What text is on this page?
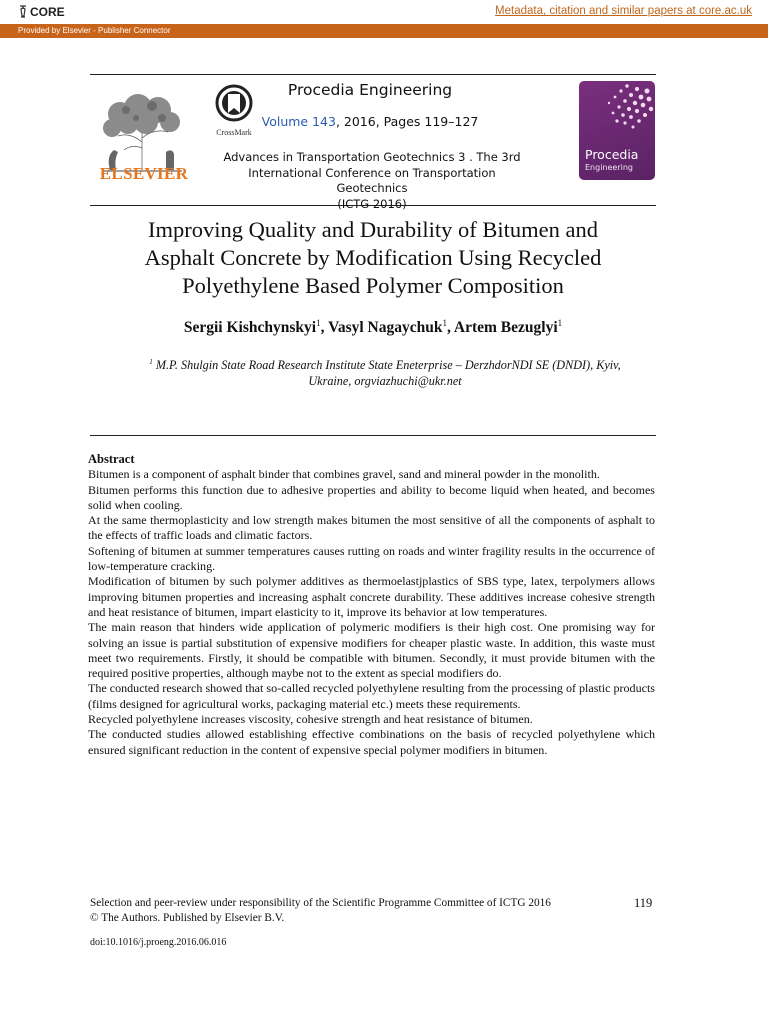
CORE	Metadata, citation and similar papers at core.ac.uk
Provided by Elsevier - Publisher Connector
ELSEVIER
CrossMark
Procedia Engineering
Volume 143, 2016, Pages 119–127
Advances in Transportation Geotechnics 3 . The 3rd
International Conference on Transportation Geotechnics
(ICTG 2016)
Procedia
Engineering
Improving Quality and Durability of Bitumen and
Asphalt Concrete by Modification Using Recycled
Polyethylene Based Polymer Composition
Sergii Kishchynskyi$^1$, Vasyl Nagaychuk$^1$, Artem Bezuglyi$^1$
$^1$ M.P. Shulgin State Road Research Institute State Eneterprise – DerzhdorNDI SE (DNDI), Kyiv,
Ukraine, orgviazhuchi@ukr.net
Abstract

Bitumen is a component of asphalt binder that combines gravel, sand and mineral powder in the monolith.

Bitumen performs this function due to adhesive properties and ability to become liquid when heated, and becomes solid when cooling.

At the same thermoplasticity and low strength makes bitumen the most sensitive of all the components of asphalt to the effects of traffic loads and climatic factors.

Softening of bitumen at summer temperatures causes rutting on roads and winter fragility results in the occurrence of low-temperature cracking.

Modification of bitumen by such polymer additives as thermoelastjplastics of SBS type, latex, terpolymers allows improving bitumen properties and increasing asphalt concrete durability. These additives increase cohesive strength and heat resistance of bitumen, impart elasticity to it, improve its behavior at low temperatures.

The main reason that hinders wide application of polymeric modifiers is their high cost. One promising way for solving an issue is partial substitution of expensive modifiers for cheaper plastic waste. In addition, this waste must meet two requirements. Firstly, it should be compatible with bitumen. Secondly, it must provide bitumen with the required positive properties, although maybe not to the extent as special modifiers do.

The conducted research showed that so-called recycled polyethylene resulting from the processing of plastic products (films designed for agricultural works, packaging material etc.) meets these requirements.

Recycled polyethylene increases viscosity, cohesive strength and heat resistance of bitumen.

The conducted studies allowed establishing effective combinations on the basis of recycled polyethylene which ensured significant reduction in the content of expensive special polymer modifiers in bitumen.

Selection and peer-review under responsibility of the Scientific Programme Committee of ICTG 2016
© The Authors. Published by Elsevier B.V.
119
doi:10.1016/j.proeng.2016.06.016
